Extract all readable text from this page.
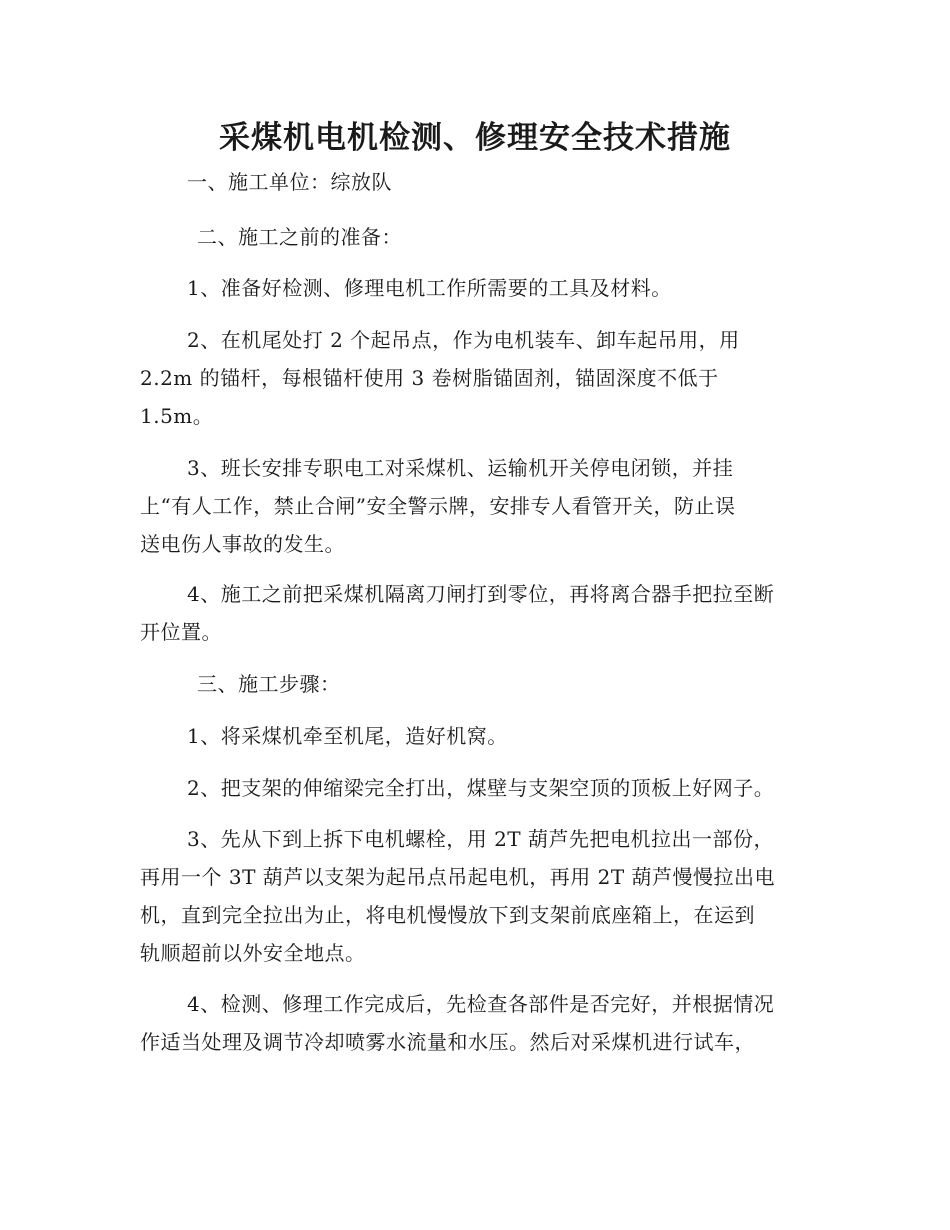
采煤机电机检测、修理安全技术措施
一、施工单位：综放队
二、施工之前的准备：
1、准备好检测、修理电机工作所需要的工具及材料。
2、在机尾处打 2 个起吊点，作为电机装车、卸车起吊用，用
2.2m 的锚杆，每根锚杆使用 3 卷树脂锚固剂，锚固深度不低于
1.5m。
3、班长安排专职电工对采煤机、运输机开关停电闭锁，并挂
上“有人工作，禁止合闸”安全警示牌，安排专人看管开关，防止误
送电伤人事故的发生。
4、施工之前把采煤机隔离刀闸打到零位，再将离合器手把拉至断
开位置。
三、施工步骤：
1、将采煤机牵至机尾，造好机窝。
2、把支架的伸缩梁完全打出，煤壁与支架空顶的顶板上好网子。
3、先从下到上拆下电机螺栓，用 2T 葫芦先把电机拉出一部份，
再用一个 3T 葫芦以支架为起吊点吊起电机，再用 2T 葫芦慢慢拉出电
机，直到完全拉出为止，将电机慢慢放下到支架前底座箱上，在运到
轨顺超前以外安全地点。
4、检测、修理工作完成后，先检查各部件是否完好，并根据情况
作适当处理及调节冷却喷雾水流量和水压。然后对采煤机进行试车，
